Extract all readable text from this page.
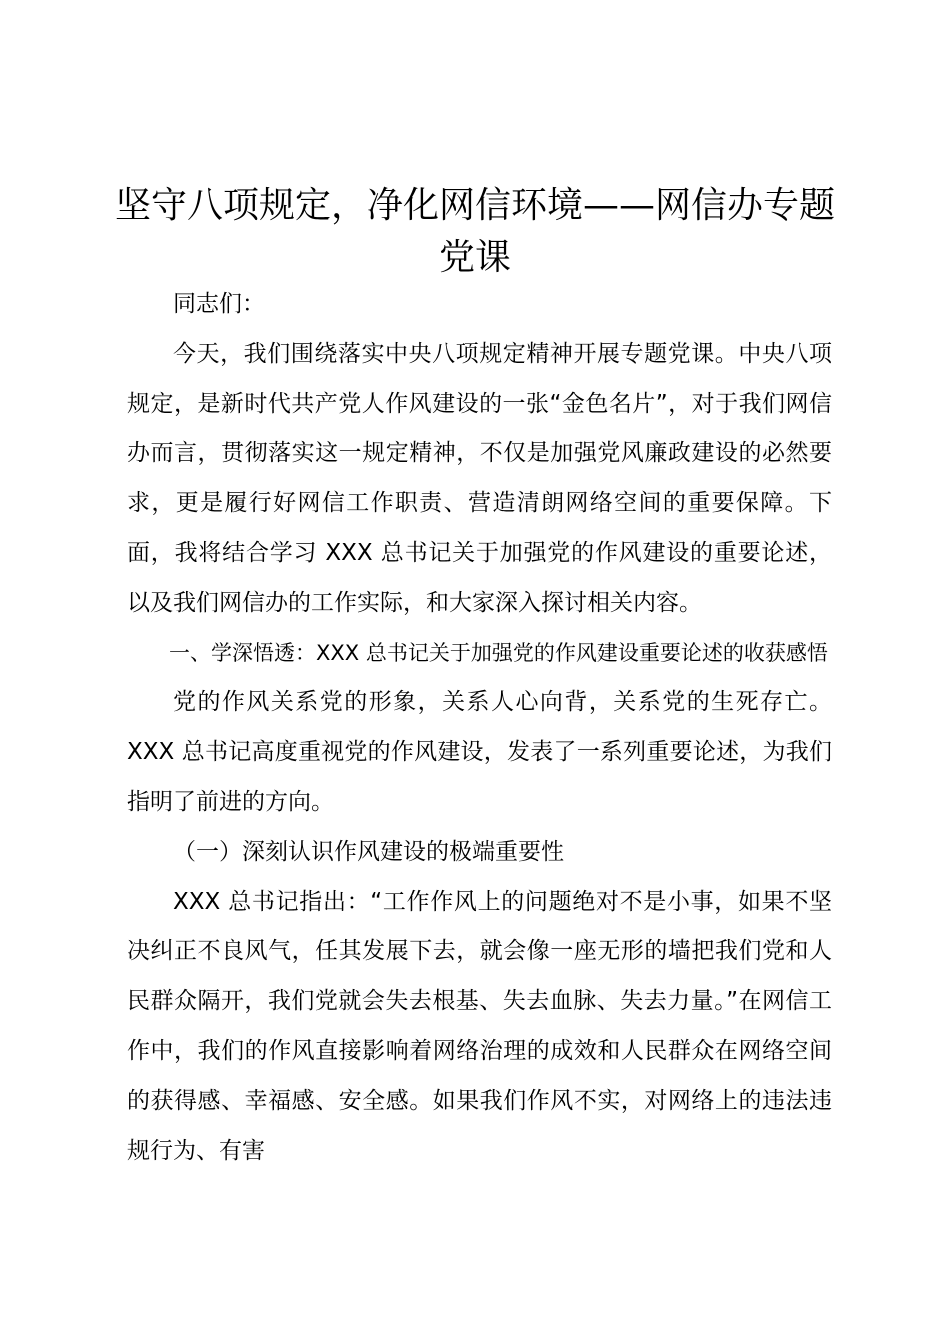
坚守八项规定，净化网信环境——网信办专题党课

同志们：

今天，我们围绕落实中央八项规定精神开展专题党课。中央八项规定，是新时代共产党人作风建设的一张“金色名片”，对于我们网信办而言，贯彻落实这一规定精神，不仅是加强党风廉政建设的必然要求，更是履行好网信工作职责、营造清朗网络空间的重要保障。下面，我将结合学习 XXX 总书记关于加强党的作风建设的重要论述，以及我们网信办的工作实际，和大家深入探讨相关内容。

一、学深悟透：XXX 总书记关于加强党的作风建设重要论述的收获感悟

党的作风关系党的形象，关系人心向背，关系党的生死存亡。XXX 总书记高度重视党的作风建设，发表了一系列重要论述，为我们指明了前进的方向。

（一）深刻认识作风建设的极端重要性

XXX 总书记指出：“工作作风上的问题绝对不是小事，如果不坚决纠正不良风气，任其发展下去，就会像一座无形的墙把我们党和人民群众隔开，我们党就会失去根基、失去血脉、失去力量。”在网信工作中，我们的作风直接影响着网络治理的成效和人民群众在网络空间的获得感、幸福感、安全感。如果我们作风不实，对网络上的违法违规行为、有害
